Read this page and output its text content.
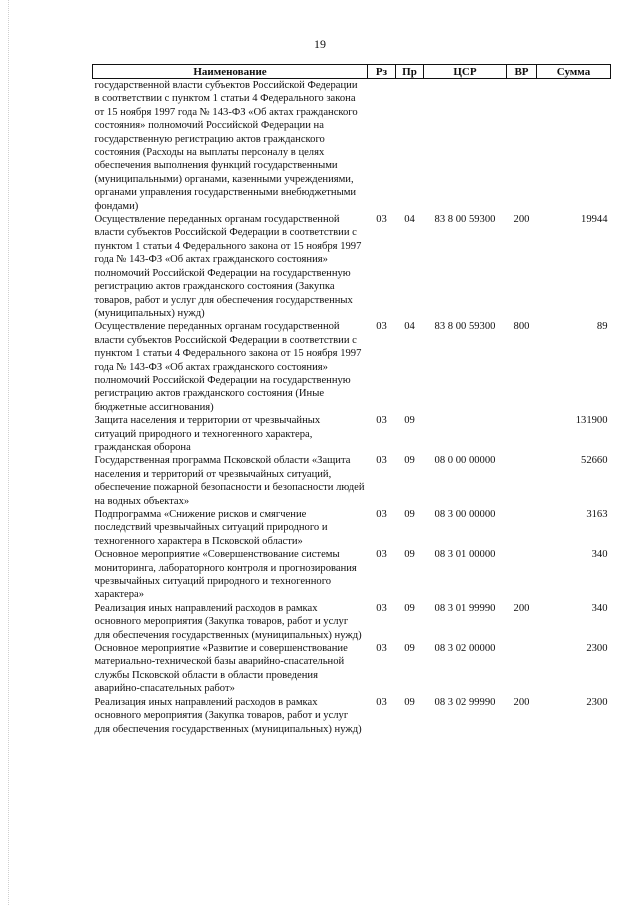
19
Наименование	Рз	Пр	ЦСР	ВР	Сумма
государственной власти субъектов Российской Федерации в соответствии с пунктом 1 статьи 4 Федерального закона от 15 ноября 1997 года № 143-ФЗ «Об актах гражданского состояния» полномочий Российской Федерации на государственную регистрацию актов гражданского состояния (Расходы на выплаты персоналу в целях обеспечения выполнения функций государственными (муниципальными) органами, казенными учреждениями, органами управления государственными внебюджетными фондами)					
Осуществление переданных органам государственной власти субъектов Российской Федерации в соответствии с пунктом 1 статьи 4 Федерального закона от 15 ноября 1997 года № 143-ФЗ «Об актах гражданского состояния» полномочий Российской Федерации на государственную регистрацию актов гражданского состояния (Закупка товаров, работ и услуг для обеспечения государственных (муниципальных) нужд)	03	04	83 8 00 59300	200	19944
Осуществление переданных органам государственной власти субъектов Российской Федерации в соответствии с пунктом 1 статьи 4 Федерального закона от 15 ноября 1997 года № 143-ФЗ «Об актах гражданского состояния» полномочий Российской Федерации на государственную регистрацию актов гражданского состояния (Иные бюджетные ассигнования)	03	04	83 8 00 59300	800	89
Защита населения и территории от чрезвычайных ситуаций природного и техногенного характера, гражданская оборона	03	09			131900
Государственная программа Псковской области «Защита населения и территорий от чрезвычайных ситуаций, обеспечение пожарной безопасности и безопасности людей на водных объектах»	03	09	08 0 00 00000		52660
Подпрограмма «Снижение рисков и смягчение последствий чрезвычайных ситуаций природного и техногенного характера в Псковской области»	03	09	08 3 00 00000		3163
Основное мероприятие «Совершенствование системы мониторинга, лабораторного контроля и прогнозирования чрезвычайных ситуаций природного и техногенного характера»	03	09	08 3 01 00000		340
Реализация иных направлений расходов в рамках основного мероприятия (Закупка товаров, работ и услуг для обеспечения государственных (муниципальных) нужд)	03	09	08 3 01 99990	200	340
Основное мероприятие «Развитие и совершенствование материально-технической базы аварийно-спасательной службы Псковской области в области проведения аварийно-спасательных работ»	03	09	08 3 02 00000		2300
Реализация иных направлений расходов в рамках основного мероприятия (Закупка товаров, работ и услуг для обеспечения государственных (муниципальных) нужд)	03	09	08 3 02 99990	200	2300
